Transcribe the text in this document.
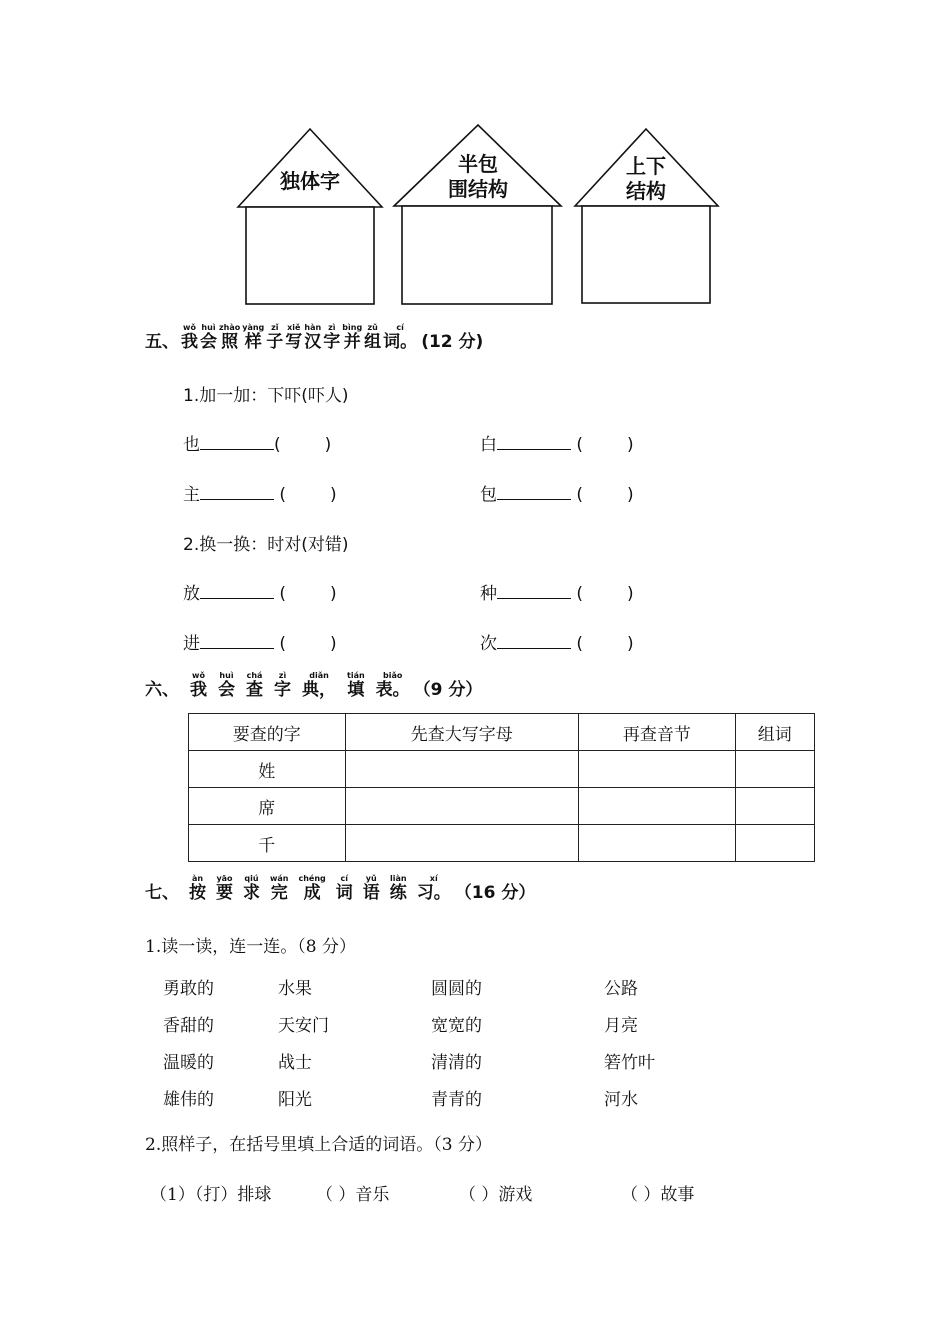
独体字
半包
围结构
上下
结构
五、 我wǒ会huì照zhào样yàng子zǐ写xiě汉hàn字zì并bìng组zǔ词。cí(12 分)
1.加一加：下吓(吓人)
也	(	)	白	(	)
主	(	)	包	(	)
2.换一换：时对(对错)
放	(	)	种	(	)
进	(	)	次	(	)
六、 我wǒ会huì查chá字zì典，diǎn填tián表。biǎo（9 分）
要查的字	先查大写字母	再查音节	组词
姓			
席			
千			
七、 按àn要yāo求qiú完wán成chéng词cí语yǔ练liàn习。xí（16 分）
1.读一读，连一连。（8 分）
勇敢的	水果	圆圆的	公路
香甜的	天安门	宽宽的	月亮
温暖的	战士	清清的	箬竹叶
雄伟的	阳光	青青的	河水
2.照样子，在括号里填上合适的词语。（3 分）
（1）（打）排球	（ ）音乐	（ ）游戏	（ ）故事
